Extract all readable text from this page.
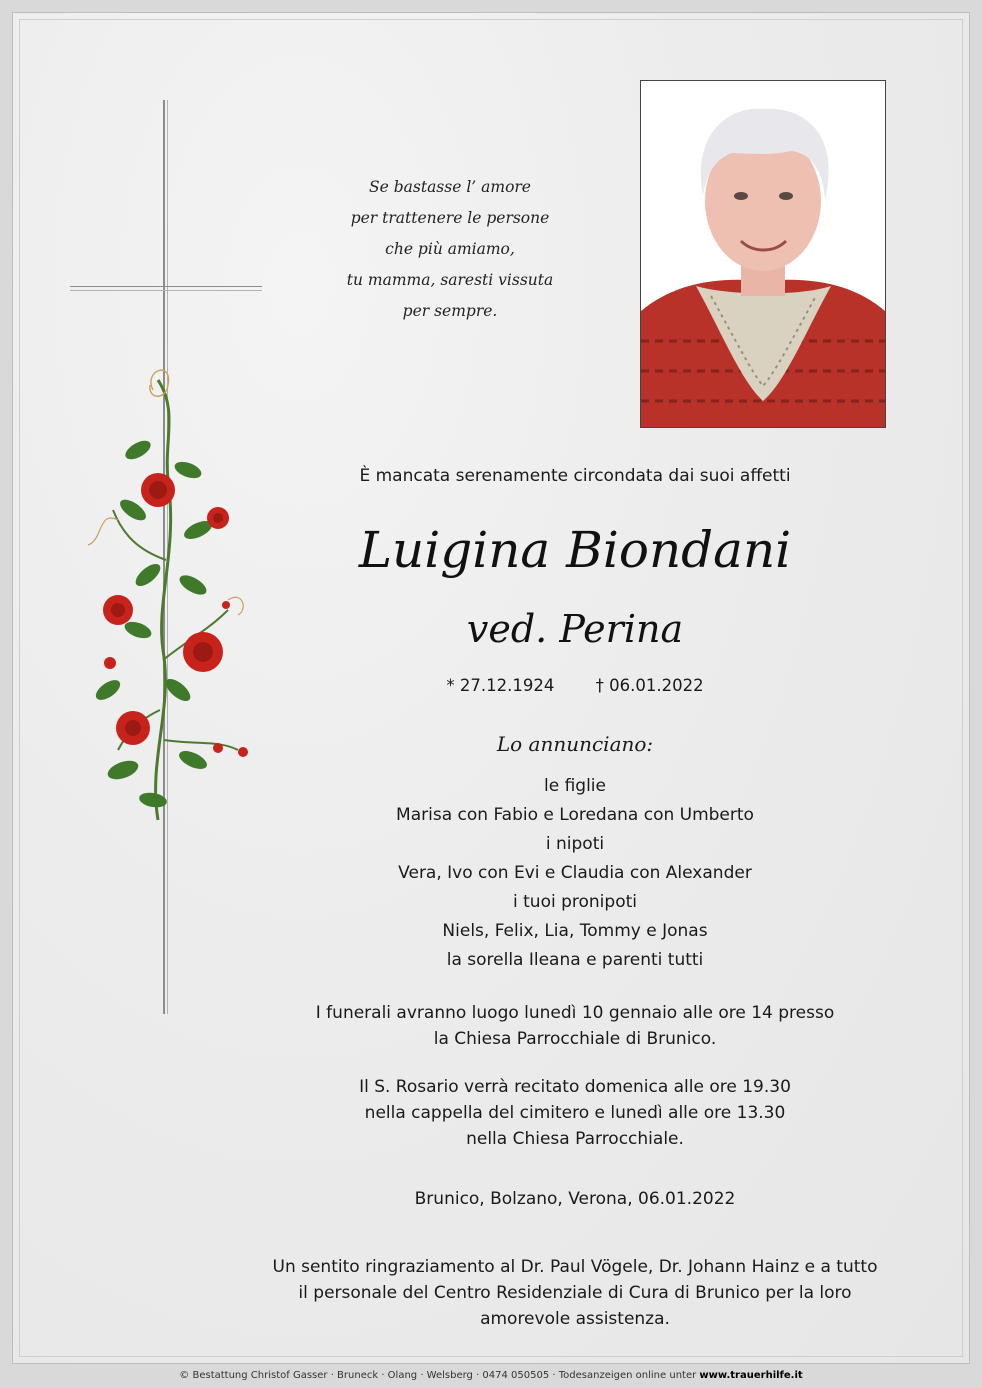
Se bastasse l’ amore
per trattenere le persone
che più amiamo,
tu mamma, saresti vissuta
per sempre.
È mancata serenamente circondata dai suoi affetti
Luigina Biondani
ved. Perina
* 27.12.1924	† 06.01.2022
Lo annunciano:
le figlie
Marisa con Fabio e Loredana con Umberto
i nipoti
Vera, Ivo con Evi e Claudia con Alexander
i tuoi pronipoti
Niels, Felix, Lia, Tommy e Jonas
la sorella Ileana e parenti tutti
I funerali avranno luogo lunedì 10 gennaio alle ore 14 presso
la Chiesa Parrocchiale di Brunico.
Il S. Rosario verrà recitato domenica alle ore 19.30
nella cappella del cimitero e lunedì alle ore 13.30
nella Chiesa Parrocchiale.
Brunico, Bolzano, Verona, 06.01.2022
Un sentito ringraziamento al Dr. Paul Vögele, Dr. Johann Hainz e a tutto
il personale del Centro Residenziale di Cura di Brunico per la loro
amorevole assistenza.
© Bestattung Christof Gasser · Bruneck · Olang · Welsberg · 0474 050505 · Todesanzeigen online unter www.trauerhilfe.it
